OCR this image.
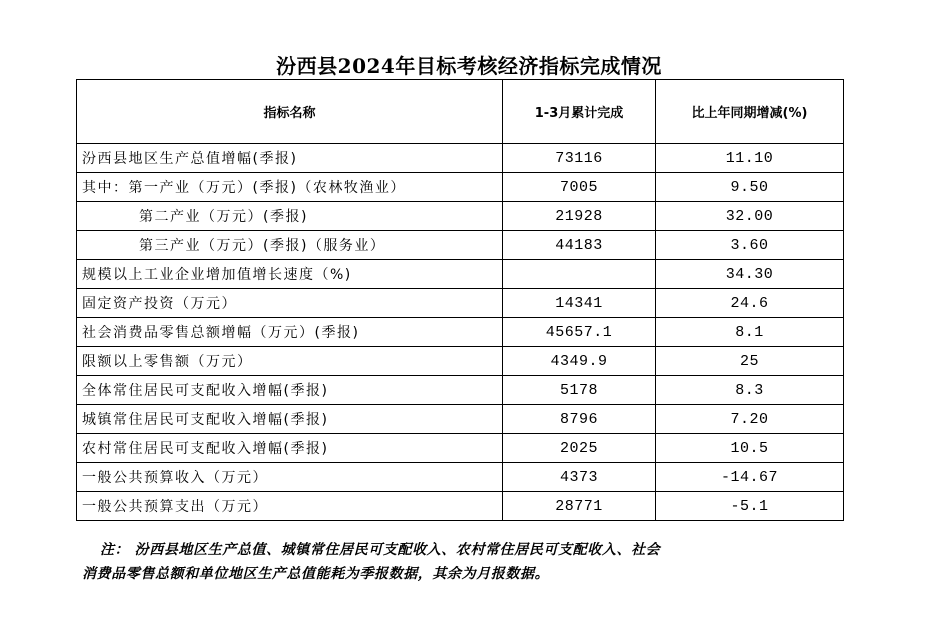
汾西县2024年目标考核经济指标完成情况
指标名称	1-3月累计完成	比上年同期增减(%)
汾西县地区生产总值增幅(季报)	73116	11.10
其中：第一产业（万元）(季报)（农林牧渔业）	7005	9.50
第二产业（万元）(季报)	21928	32.00
第三产业（万元）(季报)（服务业）	44183	3.60
规模以上工业企业增加值增长速度（%)		34.30
固定资产投资（万元）	14341	24.6
社会消费品零售总额增幅（万元）(季报)	45657.1	8.1
限额以上零售额（万元）	4349.9	25
全体常住居民可支配收入增幅(季报)	5178	8.3
城镇常住居民可支配收入增幅(季报)	8796	7.20
农村常住居民可支配收入增幅(季报)	2025	10.5
一般公共预算收入（万元）	4373	-14.67
一般公共预算支出（万元）	28771	-5.1
注： 汾西县地区生产总值、城镇常住居民可支配收入、农村常住居民可支配收入、社会
消费品零售总额和单位地区生产总值能耗为季报数据，其余为月报数据。
